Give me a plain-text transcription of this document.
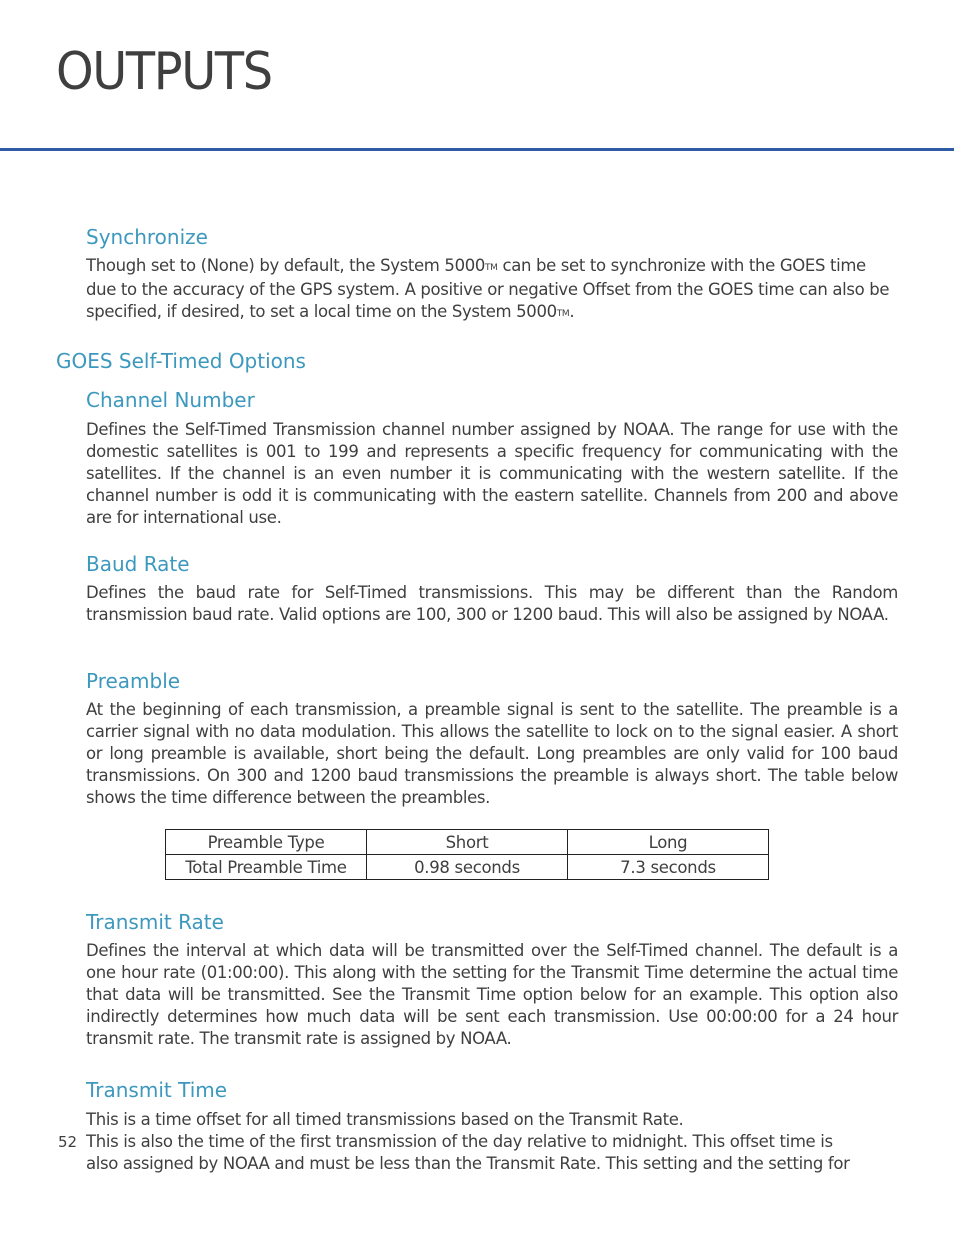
OUTPUTS
Synchronize

Though set to (None) by default, the System 5000TM can be set to synchronize with the GOES time due to the accuracy of the GPS system. A positive or negative Offset from the GOES time can also be specified, if desired, to set a local time on the System 5000TM.

GOES Self-Timed Options
Channel Number

Defines the Self-Timed Transmission channel number assigned by NOAA. The range for use with the domestic satellites is 001 to 199 and represents a specific frequency for communicating with the satellites. If the channel is an even number it is communicating with the western satellite. If the channel number is odd it is communicating with the eastern satellite. Channels from 200 and above are for international use.

Baud Rate

Defines the baud rate for Self-Timed transmissions. This may be different than the Random transmission baud rate. Valid options are 100, 300 or 1200 baud. This will also be assigned by NOAA.

Preamble

At the beginning of each transmission, a preamble signal is sent to the satellite. The preamble is a carrier signal with no data modulation. This allows the satellite to lock on to the signal easier. A short or long preamble is available, short being the default. Long preambles are only valid for 100 baud transmissions. On 300 and 1200 baud transmissions the preamble is always short. The table below shows the time difference between the preambles.

Preamble Type	Short	Long
Total Preamble Time	0.98 seconds	7.3 seconds
Transmit Rate

Defines the interval at which data will be transmitted over the Self-Timed channel. The default is a one hour rate (01:00:00). This along with the setting for the Transmit Time determine the actual time that data will be transmitted. See the Transmit Time option below for an example. This option also indirectly determines how much data will be sent each transmission. Use 00:00:00 for a 24 hour transmit rate. The transmit rate is assigned by NOAA.

Transmit Time

This is a time offset for all timed transmissions based on the Transmit Rate.
This is also the time of the first transmission of the day relative to midnight. This offset time is
also assigned by NOAA and must be less than the Transmit Rate. This setting and the setting for

52
